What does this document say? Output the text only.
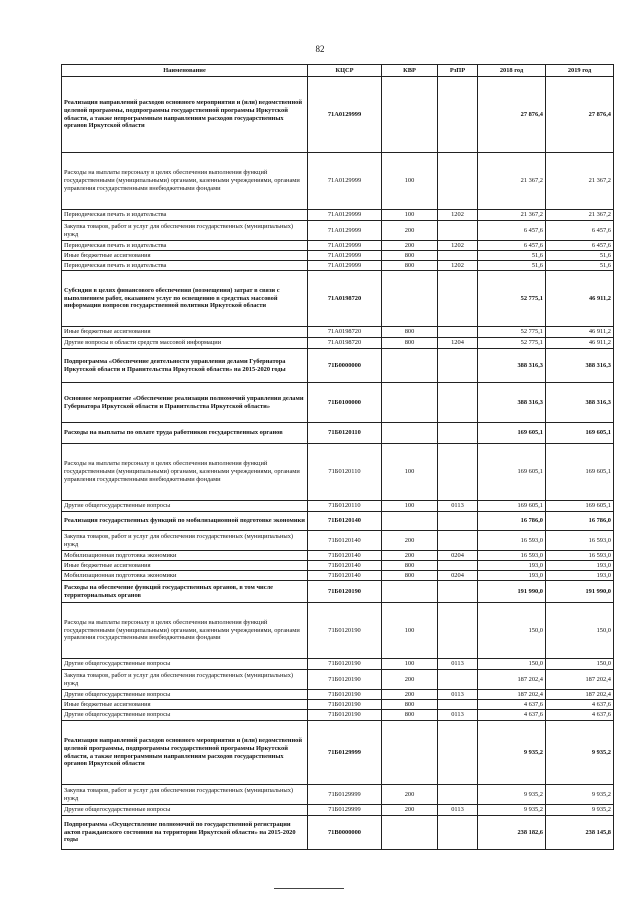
82
Наименование	КЦСР	КВР	РзПР	2018 год	2019 год
Реализация направлений расходов основного мероприятия и (или) ведомственной целевой программы, подпрограммы государственной программы Иркутской области, а также непрограммным направлениям расходов государственных органов Иркутской области	71А0129999			27 876,4	27 876,4
Расходы на выплаты персоналу в целях обеспечения выполнения функций государственными (муниципальными) органами, казенными учреждениями, органами управления государственными внебюджетными фондами	71А0129999	100		21 367,2	21 367,2
Периодическая печать и издательства	71А0129999	100	1202	21 367,2	21 367,2
Закупка товаров, работ и услуг для обеспечения государственных (муниципальных) нужд	71А0129999	200		6 457,6	6 457,6
Периодическая печать и издательства	71А0129999	200	1202	6 457,6	6 457,6
Иные бюджетные ассигнования	71А0129999	800		51,6	51,6
Периодическая печать и издательства	71А0129999	800	1202	51,6	51,6
Субсидии в целях финансового обеспечения (возмещения) затрат в связи с выполнением работ, оказанием услуг по освещению в средствах массовой информации вопросов государственной политики Иркутской области	71А0198720			52 775,1	46 911,2
Иные бюджетные ассигнования	71А0198720	800		52 775,1	46 911,2
Другие вопросы в области средств массовой информации	71А0198720	800	1204	52 775,1	46 911,2
Подпрограмма «Обеспечение деятельности управления делами Губернатора Иркутской области и Правительства Иркутской области» на 2015-2020 годы	71Б0000000			388 316,3	388 316,3
Основное мероприятие «Обеспечение реализации полномочий управления делами Губернатора Иркутской области и Правительства Иркутской области»	71Б0100000			388 316,3	388 316,3
Расходы на выплаты по оплате труда работников государственных органов	71Б0120110			169 605,1	169 605,1
Расходы на выплаты персоналу в целях обеспечения выполнения функций государственными (муниципальными) органами, казенными учреждениями, органами управления государственными внебюджетными фондами	71Б0120110	100		169 605,1	169 605,1
Другие общегосударственные вопросы	71Б0120110	100	0113	169 605,1	169 605,1
Реализация государственных функций по мобилизационной подготовке экономики	71Б0120140			16 786,0	16 786,0
Закупка товаров, работ и услуг для обеспечения государственных (муниципальных) нужд	71Б0120140	200		16 593,0	16 593,0
Мобилизационная подготовка экономики	71Б0120140	200	0204	16 593,0	16 593,0
Иные бюджетные ассигнования	71Б0120140	800		193,0	193,0
Мобилизационная подготовка экономики	71Б0120140	800	0204	193,0	193,0
Расходы на обеспечение функций государственных органов, в том числе территориальных органов	71Б0120190			191 990,0	191 990,0
Расходы на выплаты персоналу в целях обеспечения выполнения функций государственными (муниципальными) органами, казенными учреждениями, органами управления государственными внебюджетными фондами	71Б0120190	100		150,0	150,0
Другие общегосударственные вопросы	71Б0120190	100	0113	150,0	150,0
Закупка товаров, работ и услуг для обеспечения государственных (муниципальных) нужд	71Б0120190	200		187 202,4	187 202,4
Другие общегосударственные вопросы	71Б0120190	200	0113	187 202,4	187 202,4
Иные бюджетные ассигнования	71Б0120190	800		4 637,6	4 637,6
Другие общегосударственные вопросы	71Б0120190	800	0113	4 637,6	4 637,6
Реализация направлений расходов основного мероприятия и (или) ведомственной целевой программы, подпрограммы государственной программы Иркутской области, а также непрограммным направлениям расходов государственных органов Иркутской области	71Б0129999			9 935,2	9 935,2
Закупка товаров, работ и услуг для обеспечения государственных (муниципальных) нужд	71Б0129999	200		9 935,2	9 935,2
Другие общегосударственные вопросы	71Б0129999	200	0113	9 935,2	9 935,2
Подпрограмма «Осуществление полномочий по государственной регистрации актов гражданского состояния на территории Иркутской области» на 2015-2020 годы	71В0000000			238 182,6	238 145,8
